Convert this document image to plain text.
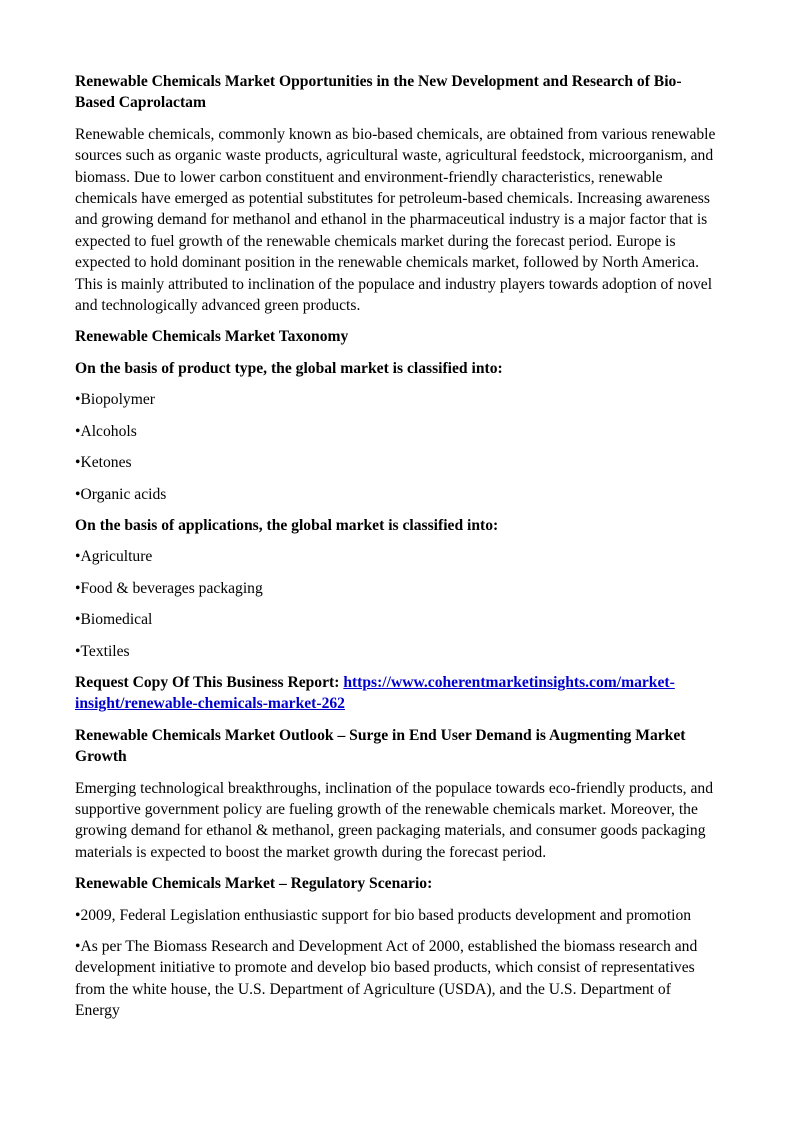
Renewable Chemicals Market Opportunities in the New Development and Research of Bio-Based Caprolactam

Renewable chemicals, commonly known as bio-based chemicals, are obtained from various renewable sources such as organic waste products, agricultural waste, agricultural feedstock, microorganism, and biomass. Due to lower carbon constituent and environment-friendly characteristics, renewable chemicals have emerged as potential substitutes for petroleum-based chemicals. Increasing awareness and growing demand for methanol and ethanol in the pharmaceutical industry is a major factor that is expected to fuel growth of the renewable chemicals market during the forecast period. Europe is expected to hold dominant position in the renewable chemicals market, followed by North America. This is mainly attributed to inclination of the populace and industry players towards adoption of novel and technologically advanced green products.

Renewable Chemicals Market Taxonomy
On the basis of product type, the global market is classified into:

•Biopolymer

•Alcohols

•Ketones

•Organic acids

On the basis of applications, the global market is classified into:

•Agriculture

•Food & beverages packaging

•Biomedical

•Textiles

Request Copy Of This Business Report: https://www.coherentmarketinsights.com/market-insight/renewable-chemicals-market-262

Renewable Chemicals Market Outlook – Surge in End User Demand is Augmenting Market Growth

Emerging technological breakthroughs, inclination of the populace towards eco-friendly products, and supportive government policy are fueling growth of the renewable chemicals market. Moreover, the growing demand for ethanol & methanol, green packaging materials, and consumer goods packaging materials is expected to boost the market growth during the forecast period.

Renewable Chemicals Market – Regulatory Scenario:

•2009, Federal Legislation enthusiastic support for bio based products development and promotion

•As per The Biomass Research and Development Act of 2000, established the biomass research and development initiative to promote and develop bio based products, which consist of representatives from the white house, the U.S. Department of Agriculture (USDA), and the U.S. Department of Energy
